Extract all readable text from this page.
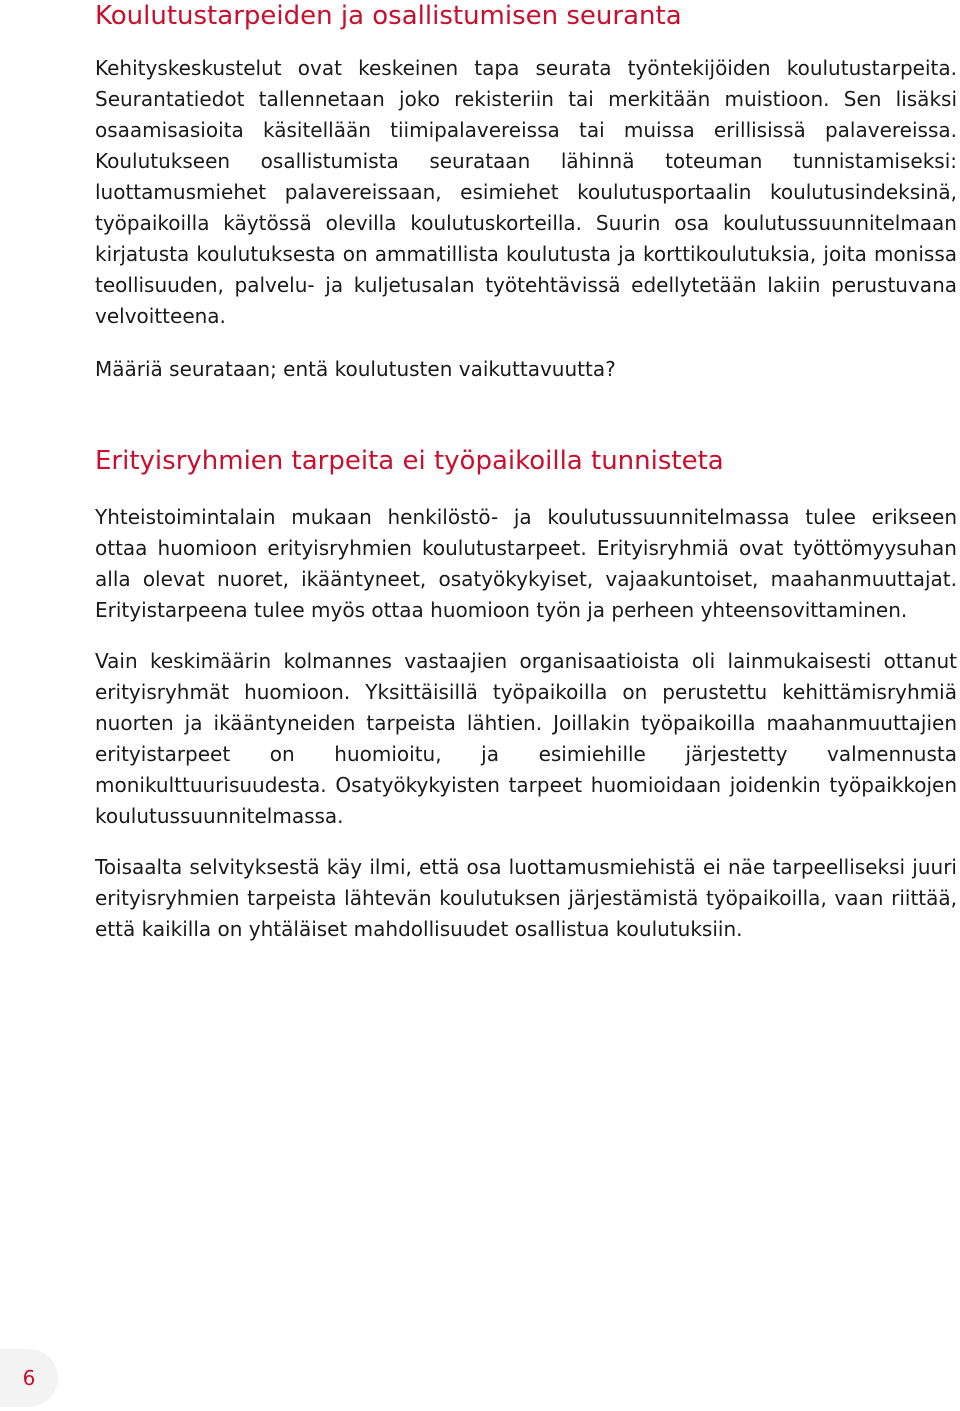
Koulutustarpeiden ja osallistumisen seuranta

Kehityskeskustelut ovat keskeinen tapa seurata työntekijöiden koulutustarpeita. Seurantatiedot tallennetaan joko rekisteriin tai merkitään muistioon. Sen lisäksi osaamisasioita käsitellään tiimipalavereissa tai muissa erillisissä palavereissa. Koulutukseen osallistumista seurataan lähinnä toteuman tunnistamiseksi: luottamusmiehet palavereissaan, esimiehet koulutusportaalin koulutusindeksinä, työpaikoilla käytössä olevilla koulutuskorteilla. Suurin osa koulutussuunnitelmaan kirjatusta koulutuksesta on ammatillista koulutusta ja korttikoulutuksia, joita monissa teollisuuden, palvelu- ja kuljetusalan työtehtävissä edellytetään lakiin perustuvana velvoitteena.

Määriä seurataan; entä koulutusten vaikuttavuutta?

Erityisryhmien tarpeita ei työpaikoilla tunnisteta

Yhteistoimintalain mukaan henkilöstö- ja koulutussuunnitelmassa tulee erikseen ottaa huomioon erityisryhmien koulutustarpeet. Erityisryhmiä ovat työttömyysuhan alla olevat nuoret, ikääntyneet, osatyökykyiset, vajaakuntoiset, maahanmuuttajat. Erityistarpeena tulee myös ottaa huomioon työn ja perheen yhteensovittaminen.

Vain keskimäärin kolmannes vastaajien organisaatioista oli lainmukaisesti ottanut erityisryhmät huomioon. Yksittäisillä työpaikoilla on perustettu kehittämisryhmiä nuorten ja ikääntyneiden tarpeista lähtien. Joillakin työpaikoilla maahanmuuttajien erityistarpeet on huomioitu, ja esimiehille järjestetty valmennusta monikulttuurisuudesta. Osatyökykyisten tarpeet huomioidaan joidenkin työpaikkojen koulutussuunnitelmassa.

Toisaalta selvityksestä käy ilmi, että osa luottamusmiehistä ei näe tarpeelliseksi juuri erityisryhmien tarpeista lähtevän koulutuksen järjestämistä työpaikoilla, vaan riittää, että kaikilla on yhtäläiset mahdollisuudet osallistua koulutuksiin.

6
